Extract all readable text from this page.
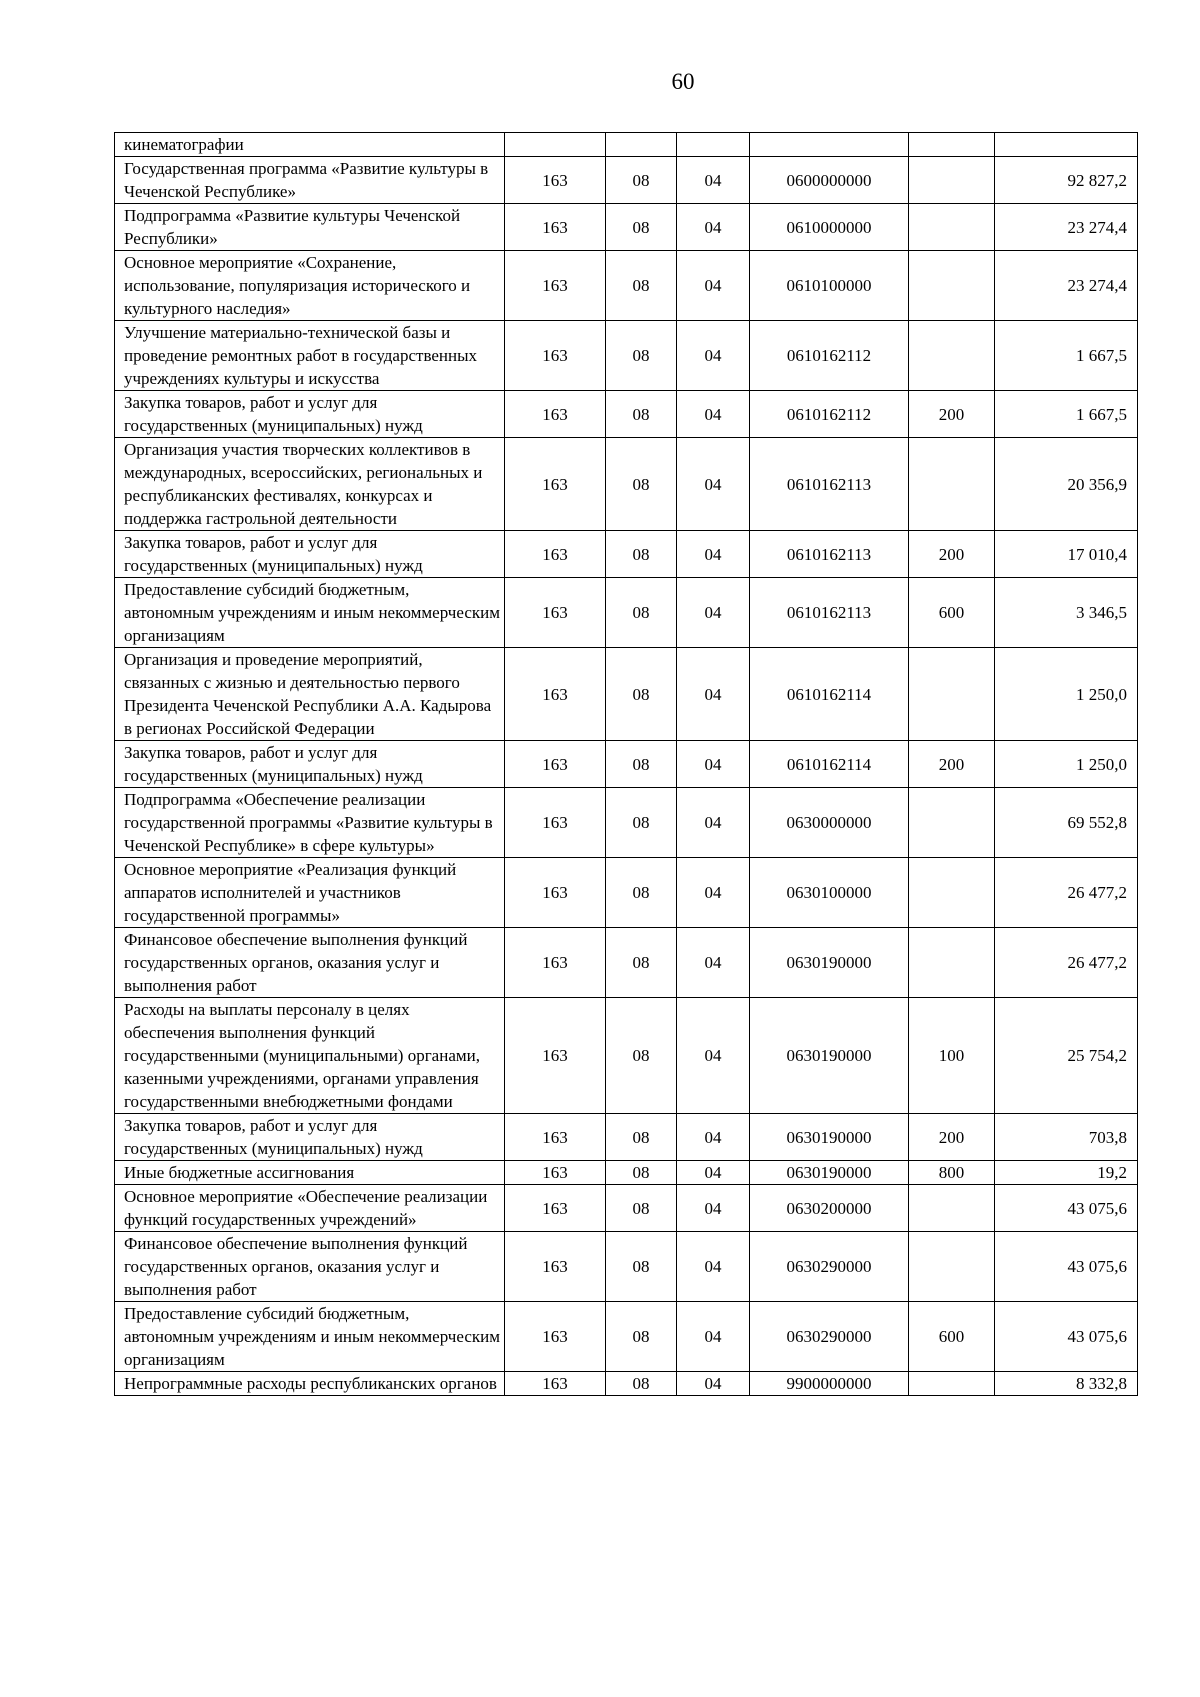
60
кинематографии						
Государственная программа «Развитие культуры в Чеченской Республике»	163	08	04	0600000000		92 827,2
Подпрограмма «Развитие культуры Чеченской Республики»	163	08	04	0610000000		23 274,4
Основное мероприятие «Сохранение, использование, популяризация исторического и культурного наследия»	163	08	04	0610100000		23 274,4
Улучшение материально-технической базы и проведение ремонтных работ в государственных учреждениях культуры и искусства	163	08	04	0610162112		1 667,5
Закупка товаров, работ и услуг для государственных (муниципальных) нужд	163	08	04	0610162112	200	1 667,5
Организация участия творческих коллективов в международных, всероссийских, региональных и республиканских фестивалях, конкурсах и поддержка гастрольной деятельности	163	08	04	0610162113		20 356,9
Закупка товаров, работ и услуг для государственных (муниципальных) нужд	163	08	04	0610162113	200	17 010,4
Предоставление субсидий бюджетным, автономным учреждениям и иным некоммерческим организациям	163	08	04	0610162113	600	3 346,5
Организация и проведение мероприятий, связанных с жизнью и деятельностью первого Президента Чеченской Республики А.А. Кадырова в регионах Российской Федерации	163	08	04	0610162114		1 250,0
Закупка товаров, работ и услуг для государственных (муниципальных) нужд	163	08	04	0610162114	200	1 250,0
Подпрограмма «Обеспечение реализации государственной программы «Развитие культуры в Чеченской Республике» в сфере культуры»	163	08	04	0630000000		69 552,8
Основное мероприятие «Реализация функций аппаратов исполнителей и участников государственной программы»	163	08	04	0630100000		26 477,2
Финансовое обеспечение выполнения функций государственных органов, оказания услуг и выполнения работ	163	08	04	0630190000		26 477,2
Расходы на выплаты персоналу в целях обеспечения выполнения функций государственными (муниципальными) органами, казенными учреждениями, органами управления государственными внебюджетными фондами	163	08	04	0630190000	100	25 754,2
Закупка товаров, работ и услуг для государственных (муниципальных) нужд	163	08	04	0630190000	200	703,8
Иные бюджетные ассигнования	163	08	04	0630190000	800	19,2
Основное мероприятие «Обеспечение реализации функций государственных учреждений»	163	08	04	0630200000		43 075,6
Финансовое обеспечение выполнения функций государственных органов, оказания услуг и выполнения работ	163	08	04	0630290000		43 075,6
Предоставление субсидий бюджетным, автономным учреждениям и иным некоммерческим организациям	163	08	04	0630290000	600	43 075,6
Непрограммные расходы республиканских органов	163	08	04	9900000000		8 332,8
